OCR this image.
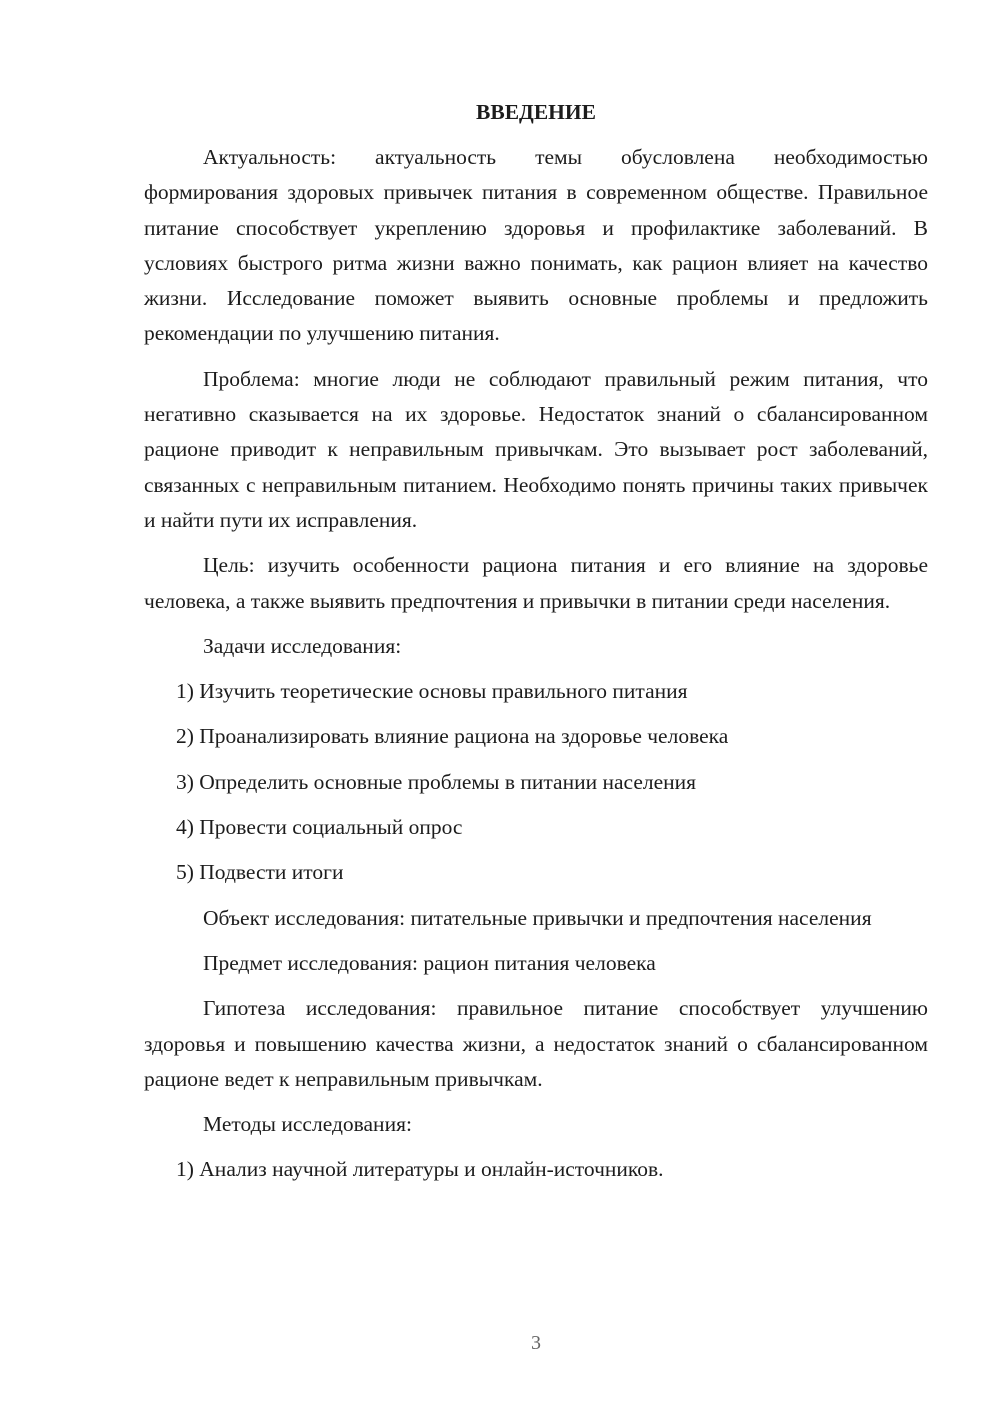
ВВЕДЕНИЕ
Актуальность: актуальность темы обусловлена необходимостью формирования здоровых привычек питания в современном обществе. Правильное питание способствует укреплению здоровья и профилактике заболеваний. В условиях быстрого ритма жизни важно понимать, как рацион влияет на качество жизни. Исследование поможет выявить основные проблемы и предложить рекомендации по улучшению питания.
Проблема: многие люди не соблюдают правильный режим питания, что негативно сказывается на их здоровье. Недостаток знаний о сбалансированном рационе приводит к неправильным привычкам. Это вызывает рост заболеваний, связанных с неправильным питанием. Необходимо понять причины таких привычек и найти пути их исправления.
Цель: изучить особенности рациона питания и его влияние на здоровье человека, а также выявить предпочтения и привычки в питании среди населения.
Задачи исследования:
1) Изучить теоретические основы правильного питания
2) Проанализировать влияние рациона на здоровье человека
3) Определить основные проблемы в питании населения
4) Провести социальный опрос
5) Подвести итоги
Объект исследования: питательные привычки и предпочтения населения
Предмет исследования: рацион питания человека
Гипотеза исследования: правильное питание способствует улучшению здоровья и повышению качества жизни, а недостаток знаний о сбалансированном рационе ведет к неправильным привычкам.
Методы исследования:
1) Анализ научной литературы и онлайн-источников.
3
